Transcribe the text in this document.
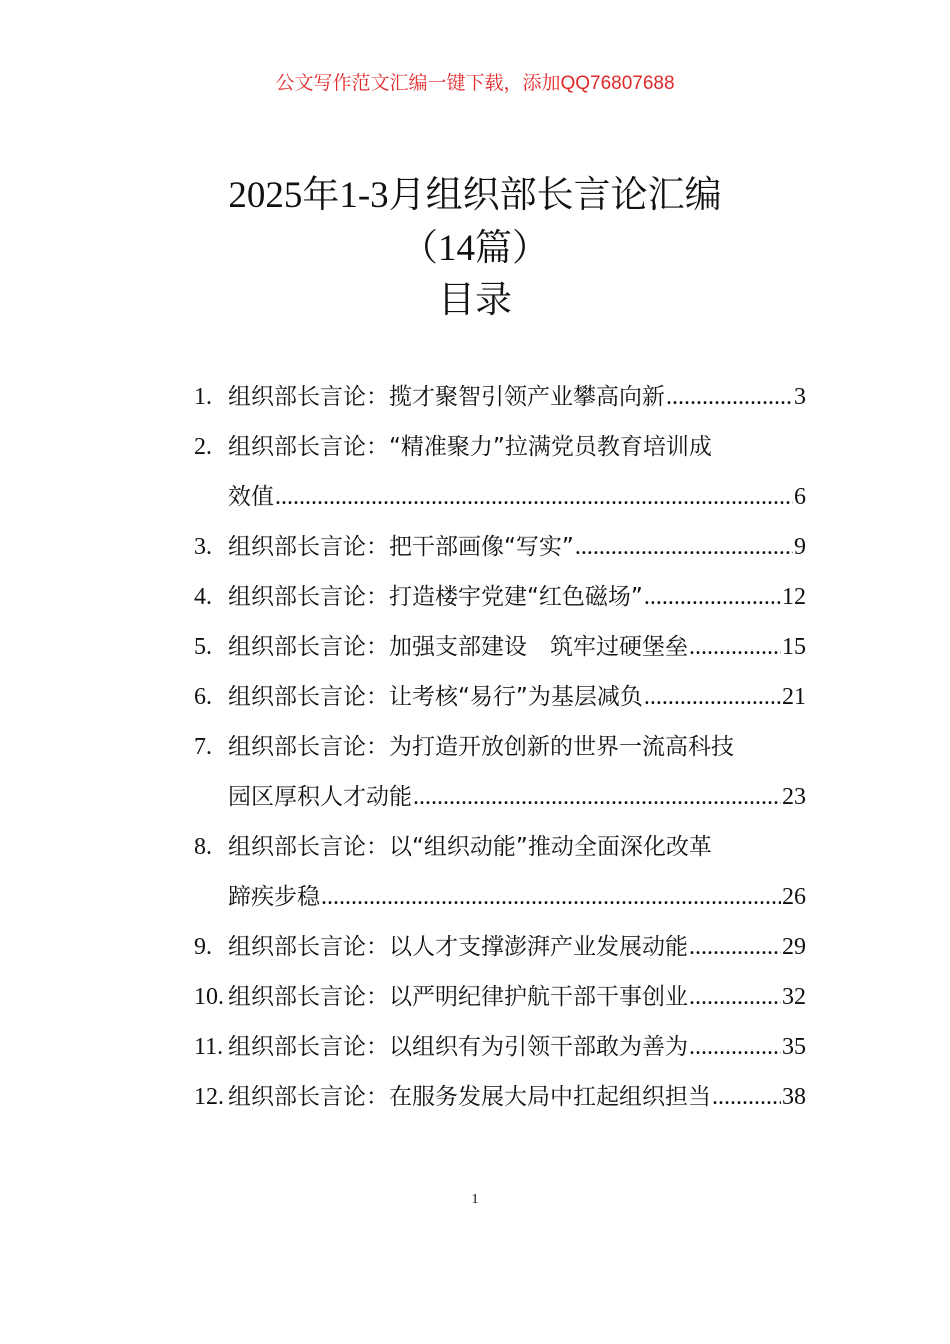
公文写作范文汇编一键下载，添加QQ76807688
2025年1-3月组织部长言论汇编
（14篇）
目录
1. 组织部长言论：揽才聚智引领产业攀高向新 .....	3
2. 组织部长言论：“精准聚力”拉满党员教育培训成
效值 .....	6
3. 组织部长言论：把干部画像“写实” .....	9
4. 组织部长言论：打造楼宇党建“红色磁场” .....	12
5. 组织部长言论：加强支部建设　筑牢过硬堡垒 .....	15
6. 组织部长言论：让考核“易行”为基层减负 .....	21
7. 组织部长言论：为打造开放创新的世界一流高科技
园区厚积人才动能 .....	23
8. 组织部长言论：以“组织动能”推动全面深化改革
蹄疾步稳 .....	26
9. 组织部长言论：以人才支撑澎湃产业发展动能 .....	29
10. 组织部长言论：以严明纪律护航干部干事创业 .....	32
11. 组织部长言论：以组织有为引领干部敢为善为 .....	35
12. 组织部长言论：在服务发展大局中扛起组织担当 .....	38
1
